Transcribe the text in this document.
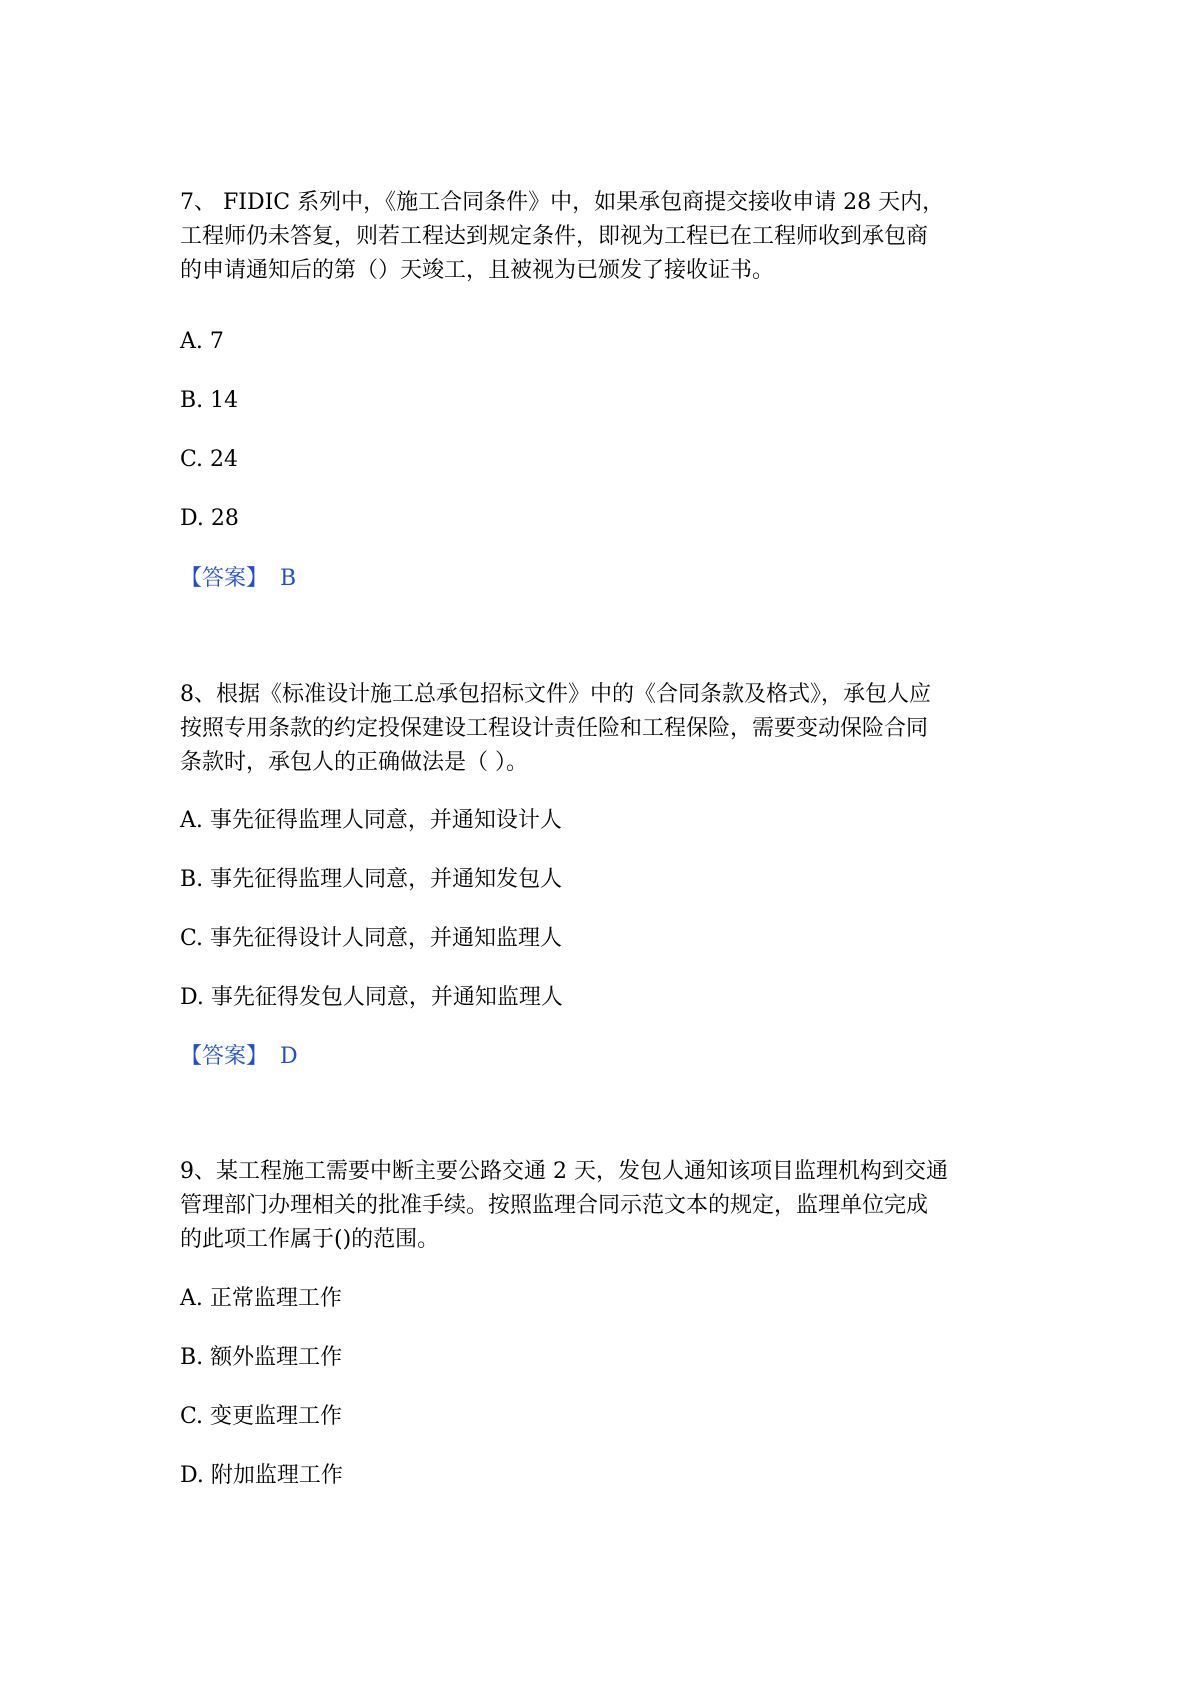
7、 FIDIC 系列中，《施工合同条件》中，如果承包商提交接收申请 28 天内，
工程师仍未答复，则若工程达到规定条件，即视为工程已在工程师收到承包商
的申请通知后的第（）天竣工，且被视为已颁发了接收证书。
A. 7
B. 14
C. 24
D. 28
【答案】 B
8、根据《标准设计施工总承包招标文件》中的《合同条款及格式》，承包人应
按照专用条款的约定投保建设工程设计责任险和工程保险，需要变动保险合同
条款时，承包人的正确做法是（ ）。
A. 事先征得监理人同意，并通知设计人
B. 事先征得监理人同意，并通知发包人
C. 事先征得设计人同意，并通知监理人
D. 事先征得发包人同意，并通知监理人
【答案】 D
9、某工程施工需要中断主要公路交通 2 天，发包人通知该项目监理机构到交通
管理部门办理相关的批准手续。按照监理合同示范文本的规定，监理单位完成
的此项工作属于()的范围。
A. 正常监理工作
B. 额外监理工作
C. 变更监理工作
D. 附加监理工作
